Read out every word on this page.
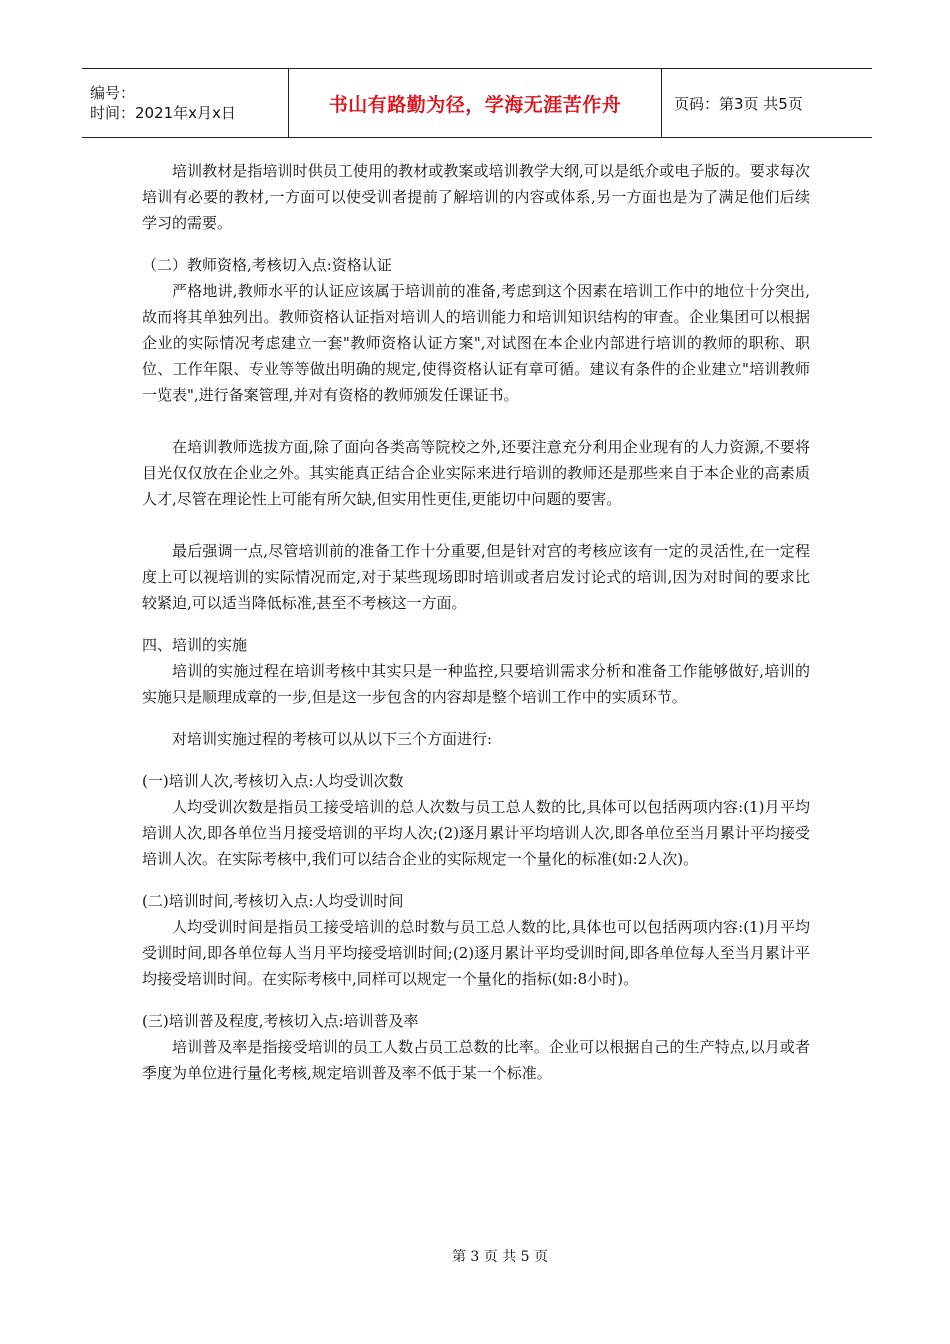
编号：
时间：2021年x月x日	书山有路勤为径，学海无涯苦作舟	页码：第3页 共5页

培训教材是指培训时供员工使用的教材或教案或培训教学大纲,可以是纸介或电子版的。要求每次培训有必要的教材,一方面可以使受训者提前了解培训的内容或体系,另一方面也是为了满足他们后续学习的需要。

（二）教师资格,考核切入点:资格认证

严格地讲,教师水平的认证应该属于培训前的准备,考虑到这个因素在培训工作中的地位十分突出,故而将其单独列出。教师资格认证指对培训人的培训能力和培训知识结构的审查。企业集团可以根据企业的实际情况考虑建立一套"教师资格认证方案",对试图在本企业内部进行培训的教师的职称、职位、工作年限、专业等等做出明确的规定,使得资格认证有章可循。建议有条件的企业建立"培训教师一览表",进行备案管理,并对有资格的教师颁发任课证书。

在培训教师选拔方面,除了面向各类高等院校之外,还要注意充分利用企业现有的人力资源,不要将目光仅仅放在企业之外。其实能真正结合企业实际来进行培训的教师还是那些来自于本企业的高素质人才,尽管在理论性上可能有所欠缺,但实用性更佳,更能切中问题的要害。

最后强调一点,尽管培训前的准备工作十分重要,但是针对宫的考核应该有一定的灵活性,在一定程度上可以视培训的实际情况而定,对于某些现场即时培训或者启发讨论式的培训,因为对时间的要求比较紧迫,可以适当降低标准,甚至不考核这一方面。

四、培训的实施

培训的实施过程在培训考核中其实只是一种监控,只要培训需求分析和准备工作能够做好,培训的实施只是顺理成章的一步,但是这一步包含的内容却是整个培训工作中的实质环节。

对培训实施过程的考核可以从以下三个方面进行:

(一)培训人次,考核切入点:人均受训次数

人均受训次数是指员工接受培训的总人次数与员工总人数的比,具体可以包括两项内容:(1)月平均培训人次,即各单位当月接受培训的平均人次;(2)逐月累计平均培训人次,即各单位至当月累计平均接受培训人次。在实际考核中,我们可以结合企业的实际规定一个量化的标准(如:2人次)。

(二)培训时间,考核切入点:人均受训时间

人均受训时间是指员工接受培训的总时数与员工总人数的比,具体也可以包括两项内容:(1)月平均受训时间,即各单位每人当月平均接受培训时间;(2)逐月累计平均受训时间,即各单位每人至当月累计平均接受培训时间。在实际考核中,同样可以规定一个量化的指标(如:8小时)。

(三)培训普及程度,考核切入点:培训普及率

培训普及率是指接受培训的员工人数占员工总数的比率。企业可以根据自己的生产特点,以月或者季度为单位进行量化考核,规定培训普及率不低于某一个标准。

第 3 页 共 5 页
